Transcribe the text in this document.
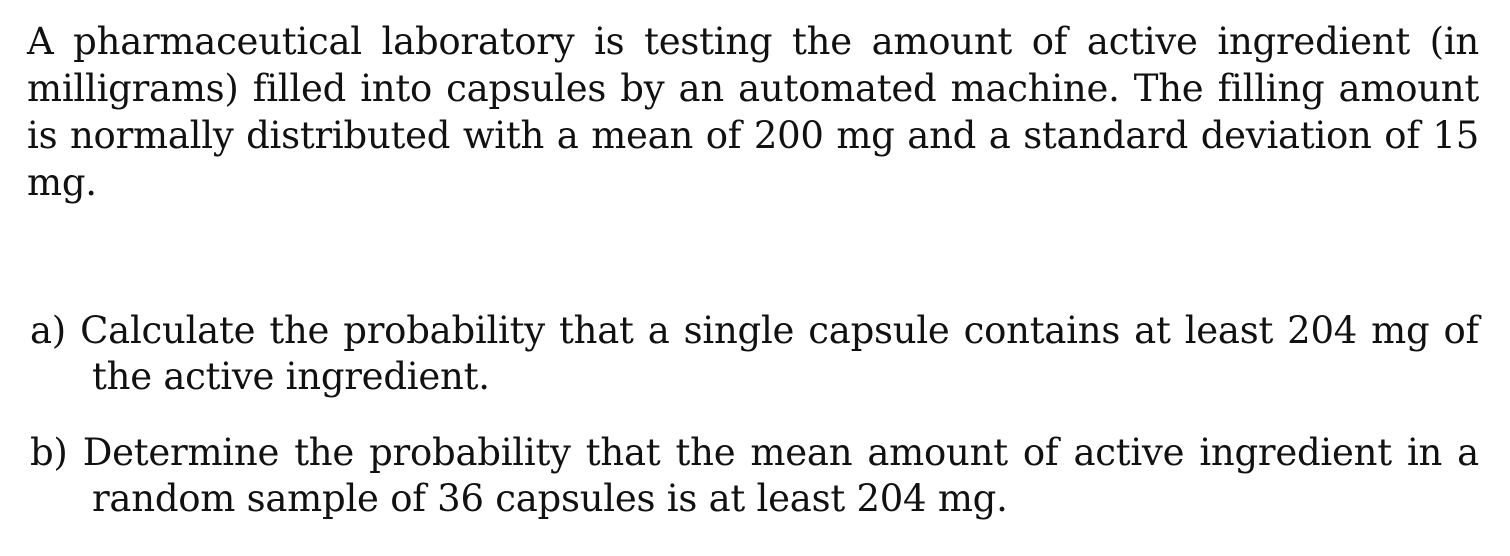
A pharmaceutical laboratory is testing the amount of active ingredient (in milligrams) filled into capsules by an automated machine. The filling amount is normally distributed with a mean of 200 mg and a standard deviation of 15 mg.

a) Calculate the probability that a single capsule contains at least 204 mg of the active ingredient.

b) Determine the probability that the mean amount of active ingredient in a random sample of 36 capsules is at least 204 mg.
